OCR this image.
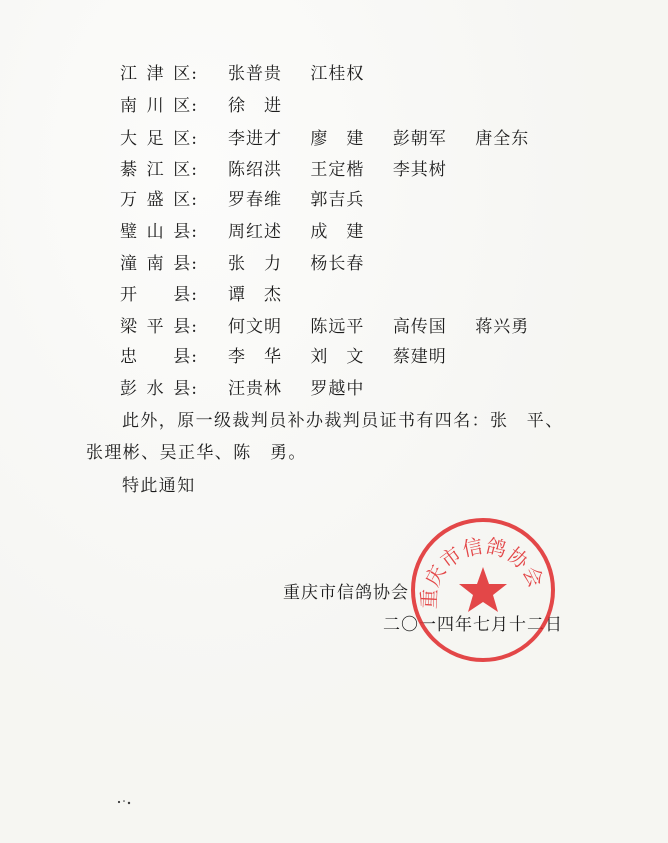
江 津 区: 张普贵 江桂权
南 川 区: 徐　进
大 足 区: 李进才 廖　建 彭朝军 唐全东
綦 江 区: 陈绍洪 王定楷 李其树
万 盛 区: 罗春维 郭吉兵
璧 山 县: 周红述 成　建
潼 南 县: 张　力 杨长春
开 县: 谭　杰
梁 平 县: 何文明 陈远平 高传国 蒋兴勇
忠 县: 李　华 刘　文 蔡建明
彭 水 县: 汪贵林 罗越中
此外，原一级裁判员补办裁判员证书有四名：张　平、
张理彬、吴正华、陈　勇。
特此通知
重庆市信鸽协会
二〇一四年七月十二日
重庆市信鸽协会
